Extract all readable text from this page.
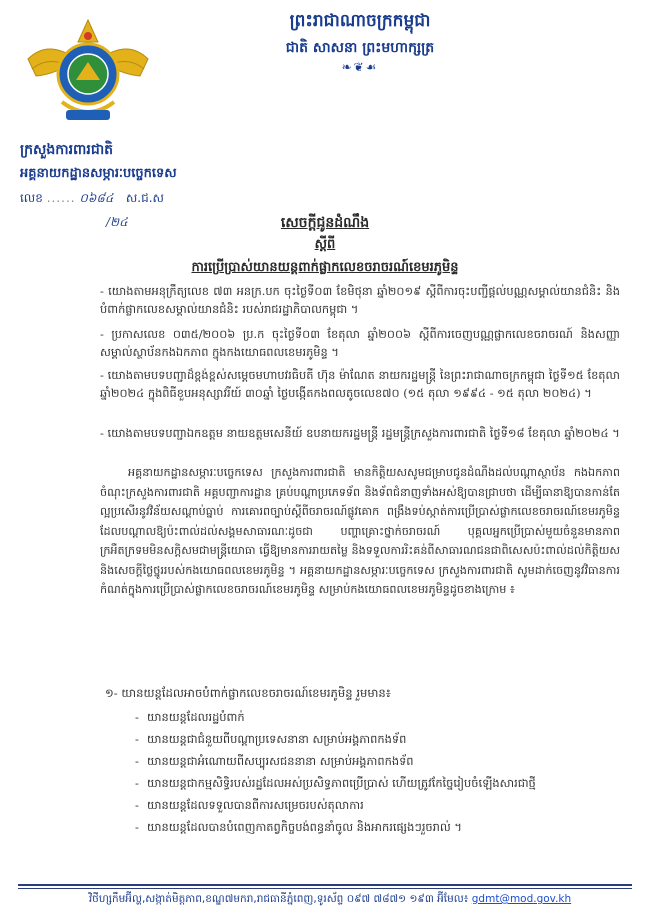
ព្រះរាជាណាចក្រកម្ពុជា
ជាតិ សាសនា ព្រះមហាក្សត្រ
❧❦☙
ក្រសួងការពារជាតិ
អគ្គនាយកដ្ឋានសម្ភារៈបច្ចេកទេស
លេខ ...... ០៦៨៤ ស.ជ.ស
/២៤	សេចក្តីជូនដំណឹង
ស្តីពី
ការប្រើប្រាស់យានយន្តពាក់ផ្លាកលេខចរាចរណ៍ខេមរភូមិន្ទ
- យោងតាមអនុក្រឹត្យលេខ ៧៣ អនក្រ.បក ចុះថ្ងៃទី០៣ ខែមិថុនា ឆ្នាំ២០១៩ ស្តីពីការចុះបញ្ជីផ្តល់បណ្ណសម្គាល់យានជំនិះ និងបំពាក់ផ្លាកលេខសម្គាល់យានជំនិះ របស់រាជរដ្ឋាភិបាលកម្ពុជា ។
- ប្រកាសលេខ ០៣៥/២០០៦ ប្រ.ក ចុះថ្ងៃទី០៣ ខែតុលា ឆ្នាំ២០០៦ ស្តីពីការចេញបណ្ណផ្លាកលេខចរាចរណ៍ និងសញ្ញាសម្គាល់ស្ថាប័នកងឯកភាព ក្នុងកងយោធពលខេមរភូមិន្ទ ។
- យោងតាមបទបញ្ជាដ៏ខ្ពង់ខ្ពស់សម្តេចមហាបវរធិបតី ហ៊ុន ម៉ាណែត នាយករដ្ឋមន្ត្រី នៃព្រះរាជាណាចក្រកម្ពុជា ថ្ងៃទី១៥ ខែតុលា ឆ្នាំ២០២៤ ក្នុងពិធីខួបអនុស្សាវរីយ៍ ៣០ឆ្នាំ ថ្ងៃបង្កើតកងពលតូចលេខ៧០ (១៥ តុលា ១៩៩៤ - ១៥ តុលា ២០២៤) ។
- យោងតាមបទបញ្ជាឯកឧត្តម នាយឧត្តមសេនីយ៍ ឧបនាយករដ្ឋមន្ត្រី រដ្ឋមន្ត្រីក្រសួងការពារជាតិ ថ្ងៃទី១៨ ខែតុលា ឆ្នាំ២០២៤ ។
អគ្គនាយកដ្ឋានសម្ភារៈបច្ចេកទេស ក្រសួងការពារជាតិ មានកិត្តិយសសូមជម្រាបជូនដំណឹងដល់បណ្តាស្ថាប័ន កងឯកភាពចំណុះក្រសួងការពារជាតិ អគ្គបញ្ជាការដ្ឋាន គ្រប់បណ្តាប្រភេទទ័ព និងទ័ពជំនាញទាំងអស់ឱ្យបានជ្រាបថា ដើម្បីធានាឱ្យបានកាន់តែល្អប្រសើរនូវវិន័យសណ្តាប់ធ្នាប់ ការគោរពច្បាប់ស្តីពីចរាចរណ៍ផ្លូវគោក ពង្រឹងទប់ស្កាត់ការប្រើប្រាស់ផ្លាកលេខចរាចរណ៍ខេមរភូមិន្ទដែលបណ្តាលឱ្យប៉ះពាល់ដល់សង្គមសាធារណៈដូចជា បញ្ហាគ្រោះថ្នាក់ចរាចរណ៍ បុគ្គលអ្នកប្រើប្រាស់មួយចំនួនមានភាពក្រអឺតក្រទមមិនសក្តិសមជាមន្ត្រីយោធា ធ្វើឱ្យមានការរាយតម្លៃ និងទទួលការរិះគន់ពីសាធារណជនជាពិសេសប៉ះពាល់ដល់កិត្តិយស និងសេចក្តីថ្លៃថ្នូររបស់កងយោធពលខេមរភូមិន្ទ ។ អគ្គនាយកដ្ឋានសម្ភារៈបច្ចេកទេស ក្រសួងការពារជាតិ សូមដាក់ចេញនូវវិធានការកំណត់ក្នុងការប្រើប្រាស់ផ្លាកលេខចរាចរណ៍ខេមរភូមិន្ទ សម្រាប់កងយោធពលខេមរភូមិន្ទដូចខាងក្រោម ៖
១- យានយន្តដែលអាចបំពាក់ផ្លាកលេខចរាចរណ៍ខេមរភូមិន្ទ រួមមាន៖
- យានយន្តដែលរដ្ឋបំពាក់
- យានយន្តជាជំនួយពីបណ្តាប្រទេសនានា សម្រាប់អង្គភាពកងទ័ព
- យានយន្តជាអំណោយពីសប្បុរសជននានា សម្រាប់អង្គភាពកងទ័ព
- យានយន្តជាកម្មសិទ្ធិរបស់រដ្ឋដែលអស់ប្រសិទ្ធភាពប្រើប្រាស់ ហើយត្រូវកែច្នៃរៀបចំឡើងសារជាថ្មី
- យានយន្តដែលទទួលបានពីការសម្រេចរបស់តុលាការ
- យានយន្តដែលបានបំពេញកាតព្វកិច្ចបង់ពន្ធនាំចូល និងអាករផ្សេងៗរួចរាល់ ។
វិថីហ្សកឹមអ៊ីល្ហ,សង្កាត់មិត្តភាព,ខណ្ឌ៧មករា,រាជធានីភ្នំពេញ,ទូរស័ព្ទ ០៩៧ ៧៨៧១ ១៩៣ អ៊ីមែល៖ gdmt@mod.gov.kh
